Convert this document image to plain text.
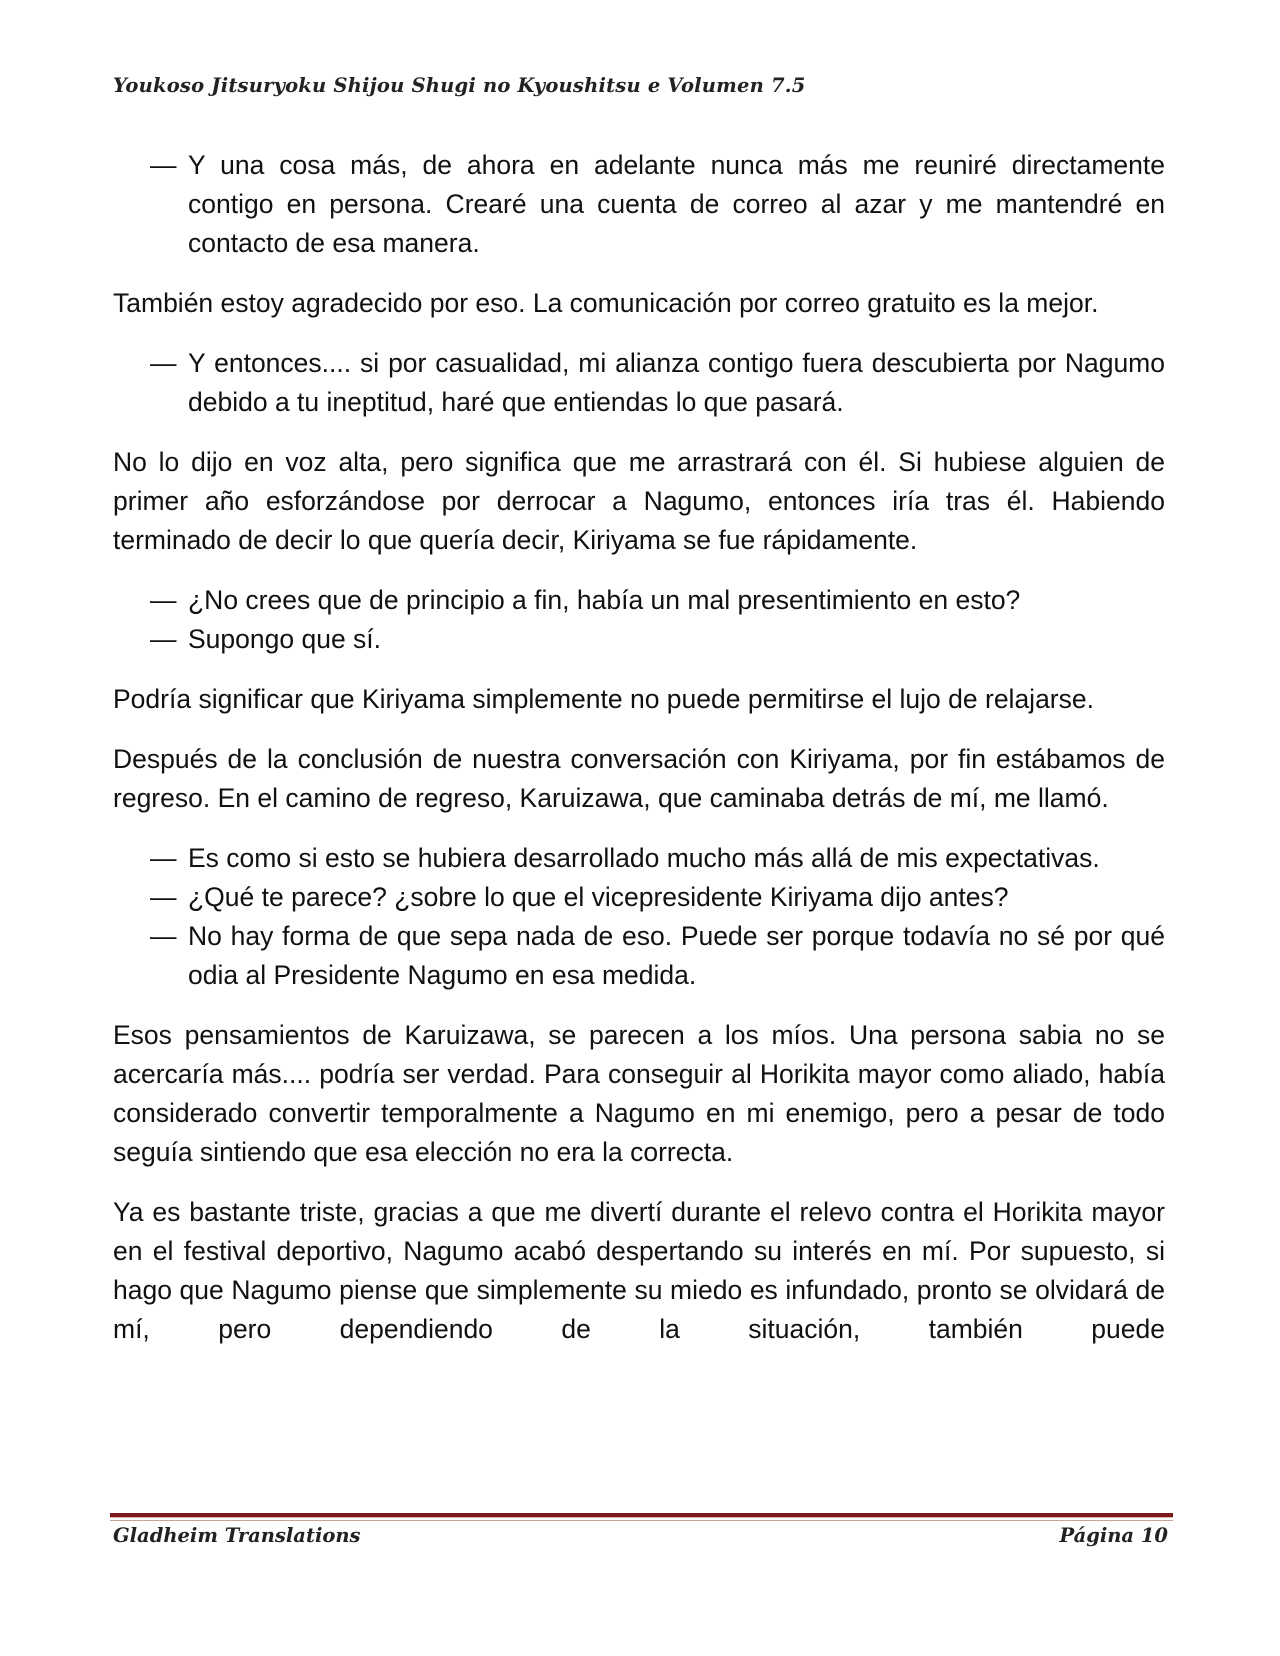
Youkoso Jitsuryoku Shijou Shugi no Kyoushitsu e Volumen 7.5
— Y una cosa más, de ahora en adelante nunca más me reuniré directamente contigo en persona. Crearé una cuenta de correo al azar y me mantendré en contacto de esa manera.

También estoy agradecido por eso. La comunicación por correo gratuito es la mejor.

— Y entonces.... si por casualidad, mi alianza contigo fuera descubierta por Nagumo debido a tu ineptitud, haré que entiendas lo que pasará.

No lo dijo en voz alta, pero significa que me arrastrará con él. Si hubiese alguien de primer año esforzándose por derrocar a Nagumo, entonces iría tras él. Habiendo terminado de decir lo que quería decir, Kiriyama se fue rápidamente.

— ¿No crees que de principio a fin, había un mal presentimiento en esto?
— Supongo que sí.

Podría significar que Kiriyama simplemente no puede permitirse el lujo de relajarse.

Después de la conclusión de nuestra conversación con Kiriyama, por fin estábamos de regreso. En el camino de regreso, Karuizawa, que caminaba detrás de mí, me llamó.

— Es como si esto se hubiera desarrollado mucho más allá de mis expectativas.
— ¿Qué te parece? ¿sobre lo que el vicepresidente Kiriyama dijo antes?
— No hay forma de que sepa nada de eso. Puede ser porque todavía no sé por qué odia al Presidente Nagumo en esa medida.

Esos pensamientos de Karuizawa, se parecen a los míos. Una persona sabia no se acercaría más.... podría ser verdad. Para conseguir al Horikita mayor como aliado, había considerado convertir temporalmente a Nagumo en mi enemigo, pero a pesar de todo seguía sintiendo que esa elección no era la correcta.

Ya es bastante triste, gracias a que me divertí durante el relevo contra el Horikita mayor en el festival deportivo, Nagumo acabó despertando su interés en mí. Por supuesto, si hago que Nagumo piense que simplemente su miedo es infundado, pronto se olvidará de mí, pero dependiendo de la situación, también puede

Gladheim Translations	Página 10
